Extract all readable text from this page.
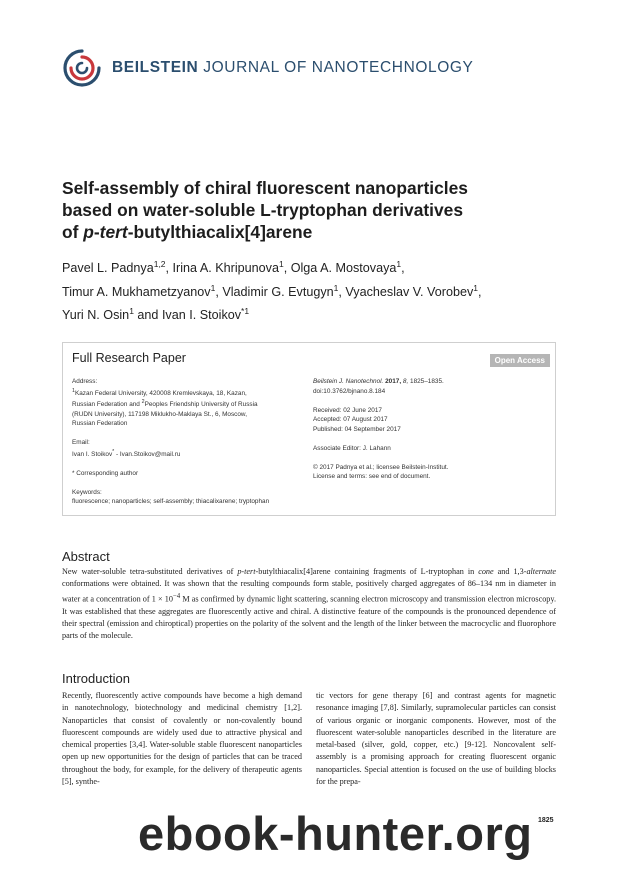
BEILSTEIN JOURNAL OF NANOTECHNOLOGY
Self-assembly of chiral fluorescent nanoparticles
based on water-soluble L-tryptophan derivatives
of p-tert-butylthiacalix[4]arene
Pavel L. Padnya$^{1,2}$, Irina A. Khripunova$^1$, Olga A. Mostovaya$^1$,
Timur A. Mukhametzyanov$^1$, Vladimir G. Evtugyn$^1$, Vyacheslav V. Vorobev$^1$,
Yuri N. Osin$^1$ and Ivan I. Stoikov$^{*1}$
Full Research Paper	Open Access
Address:
$^1$Kazan Federal University, 420008 Kremlevskaya, 18, Kazan,
Russian Federation and $^2$Peoples Friendship University of Russia
(RUDN University), 117198 Miklukho-Maklaya St., 6, Moscow,
Russian Federation
Email:
Ivan I. Stoikov* - Ivan.Stoikov@mail.ru
* Corresponding author
Keywords:
fluorescence; nanoparticles; self-assembly; thiacalixarene; tryptophan
Beilstein J. Nanotechnol. 2017, 8, 1825–1835.
doi:10.3762/bjnano.8.184
Received: 02 June 2017
Accepted: 07 August 2017
Published: 04 September 2017
Associate Editor: J. Lahann
© 2017 Padnya et al.; licensee Beilstein-Institut.
License and terms: see end of document.
Abstract
New water-soluble tetra-substituted derivatives of p-tert-butylthiacalix[4]arene containing fragments of L-tryptophan in cone and 1,3-alternate conformations were obtained. It was shown that the resulting compounds form stable, positively charged aggregates of 86–134 nm in diameter in water at a concentration of $1 \times 10^{-4}$ M as confirmed by dynamic light scattering, scanning electron microscopy and transmission electron microscopy. It was established that these aggregates are fluorescently active and chiral. A distinctive feature of the compounds is the pronounced dependence of their spectral (emission and chiroptical) properties on the polarity of the solvent and the length of the linker between the macrocyclic and fluorophore parts of the molecule.
Introduction
Recently, fluorescently active compounds have become a high demand in nanotechnology, biotechnology and medicinal chemistry [1,2]. Nanoparticles that consist of covalently or non-covalently bound fluorescent compounds are widely used due to attractive physical and chemical properties [3,4]. Water-soluble stable fluorescent nanoparticles open up new opportunities for the design of particles that can be traced throughout the body, for example, for the delivery of therapeutic agents [5], synthe-
tic vectors for gene therapy [6] and contrast agents for magnetic resonance imaging [7,8]. Similarly, supramolecular particles can consist of various organic or inorganic components. However, most of the fluorescent water-soluble nanoparticles described in the literature are metal-based (silver, gold, copper, etc.) [9-12]. Noncovalent self-assembly is a promising approach for creating fluorescent organic nanoparticles. Special attention is focused on the use of building blocks for the prepa-
1825
ebook-hunter.org
